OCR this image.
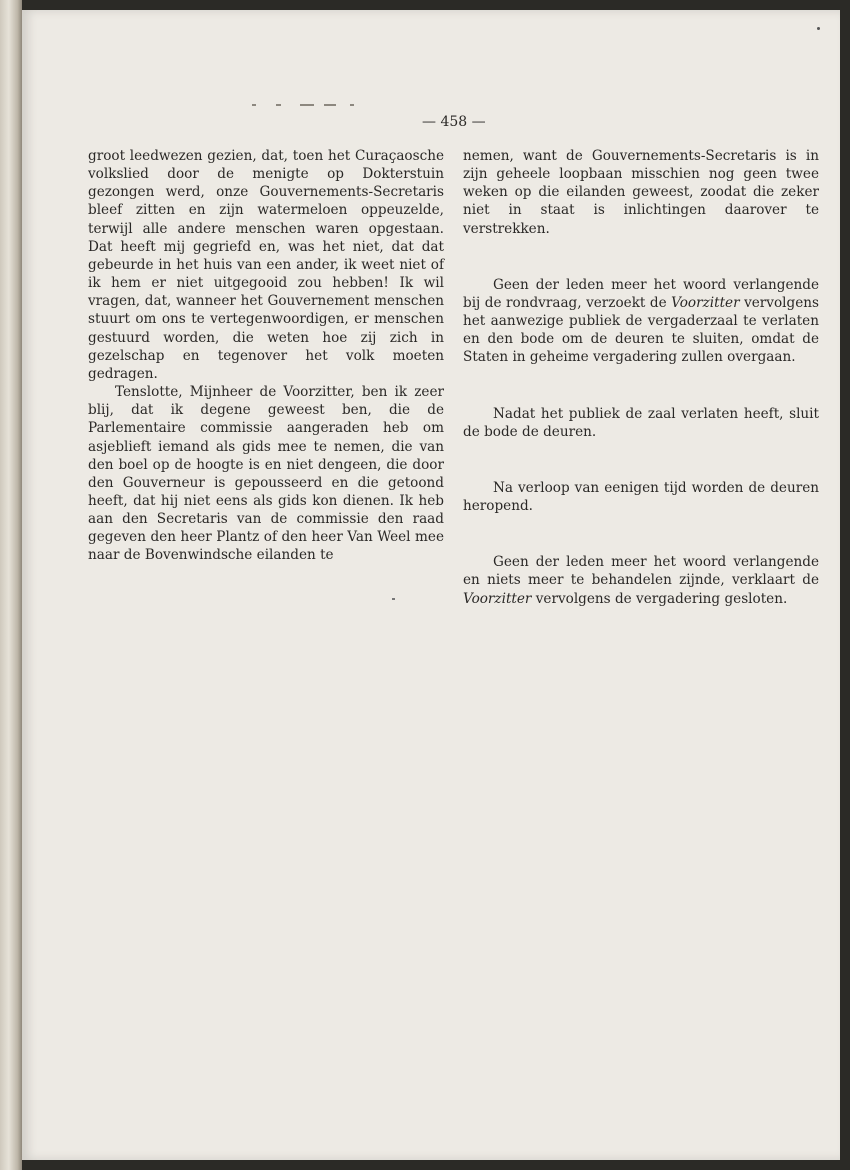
— 458 —

groot leedwezen gezien, dat, toen het Curaçaosche volkslied door de menigte op Dokterstuin gezongen werd, onze Gouvernements-Secretaris bleef zitten en zijn watermeloen oppeuzelde, terwijl alle andere menschen waren opgestaan. Dat heeft mij gegriefd en, was het niet, dat dat gebeurde in het huis van een ander, ik weet niet of ik hem er niet uitgegooid zou hebben! Ik wil vragen, dat, wanneer het Gouvernement menschen stuurt om ons te vertegenwoordigen, er menschen gestuurd worden, die weten hoe zij zich in gezelschap en tegenover het volk moeten gedragen.

Tenslotte, Mijnheer de Voorzitter, ben ik zeer blij, dat ik degene geweest ben, die de Parlementaire commissie aangeraden heb om asjeblieft iemand als gids mee te nemen, die van den boel op de hoogte is en niet dengeen, die door den Gouverneur is gepousseerd en die getoond heeft, dat hij niet eens als gids kon dienen. Ik heb aan den Secretaris van de commissie den raad gegeven den heer Plantz of den heer Van Weel mee naar de Bovenwindsche eilanden te

nemen, want de Gouvernements-Secretaris is in zijn geheele loopbaan misschien nog geen twee weken op die eilanden geweest, zoodat die zeker niet in staat is inlichtingen daarover te verstrekken.

Geen der leden meer het woord verlangende bij de rondvraag, verzoekt de Voorzitter vervolgens het aanwezige publiek de vergaderzaal te verlaten en den bode om de deuren te sluiten, omdat de Staten in geheime vergadering zullen overgaan.

Nadat het publiek de zaal verlaten heeft, sluit de bode de deuren.

Na verloop van eenigen tijd worden de deuren heropend.

Geen der leden meer het woord verlangende en niets meer te behandelen zijnde, verklaart de Voorzitter vervolgens de vergadering gesloten.
